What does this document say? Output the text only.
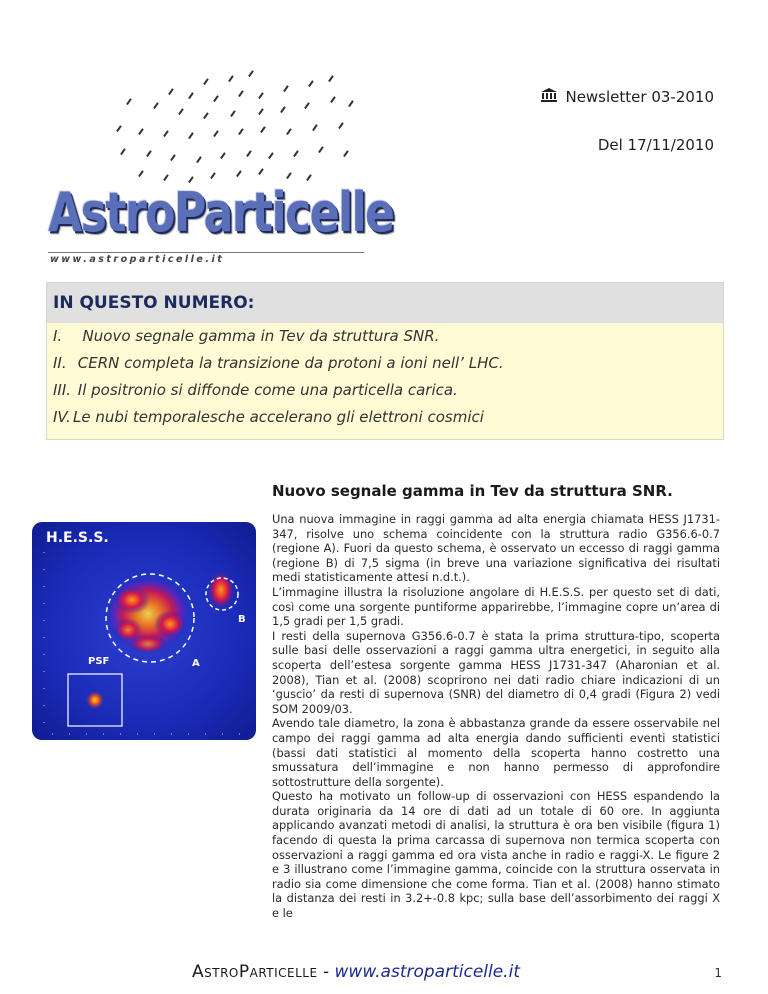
AstroParticelle
www.astroparticelle.it
Newsletter 03-2010
Del 17/11/2010
IN QUESTO NUMERO:
I.
	Nuovo segnale gamma in Tev da struttura SNR.
II.
CERN completa la transizione da protoni a ioni nell’ LHC.
III.
Il positronio si diffonde come una particella carica.
IV. Le nubi temporalesche accelerano gli elettroni cosmici
H.E.S.S.
PSF	A
B
Nuovo segnale gamma in Tev da struttura SNR.

Una nuova immagine in raggi gamma ad alta energia chiamata HESS J1731-347, risolve uno schema coincidente con la struttura radio G356.6-0.7 (regione A). Fuori da questo schema, è osservato un eccesso di raggi gamma (regione B) di 7,5 sigma (in breve una variazione significativa dei risultati medi statisticamente attesi n.d.t.).

L’immagine illustra la risoluzione angolare di H.E.S.S. per questo set di dati, così come una sorgente puntiforme apparirebbe, l’immagine copre un’area di 1,5 gradi per 1,5 gradi.

I resti della supernova G356.6-0.7 è stata la prima struttura-tipo, scoperta sulle basi delle osservazioni a raggi gamma ultra energetici, in seguito alla scoperta dell’estesa sorgente gamma HESS J1731-347 (Aharonian et al. 2008), Tian et al. (2008) scoprirono nei dati radio chiare indicazioni di un ‘guscio’ da resti di supernova (SNR) del diametro di 0,4 gradi (Figura 2) vedi SOM 2009/03.

Avendo tale diametro, la zona è abbastanza grande da essere osservabile nel campo dei raggi gamma ad alta energia dando sufficienti eventi statistici (bassi dati statistici al momento della scoperta hanno costretto una smussatura dell’immagine e non hanno permesso di approfondire sottostrutture della sorgente).

Questo ha motivato un follow-up di osservazioni con HESS espandendo la durata originaria da 14 ore di dati ad un totale di 60 ore. In aggiunta applicando avanzati metodi di analisi, la struttura è ora ben visibile (figura 1) facendo di questa la prima carcassa di supernova non termica scoperta con osservazioni a raggi gamma ed ora vista anche in radio e raggi-X. Le figure 2 e 3 illustrano come l’immagine gamma, coincide con la struttura osservata in radio sia come dimensione che come forma. Tian et al. (2008) hanno stimato la distanza dei resti in 3.2+-0.8 kpc; sulla base dell’assorbimento dei raggi X e le

AstroParticelle - www.astroparticelle.it	1
